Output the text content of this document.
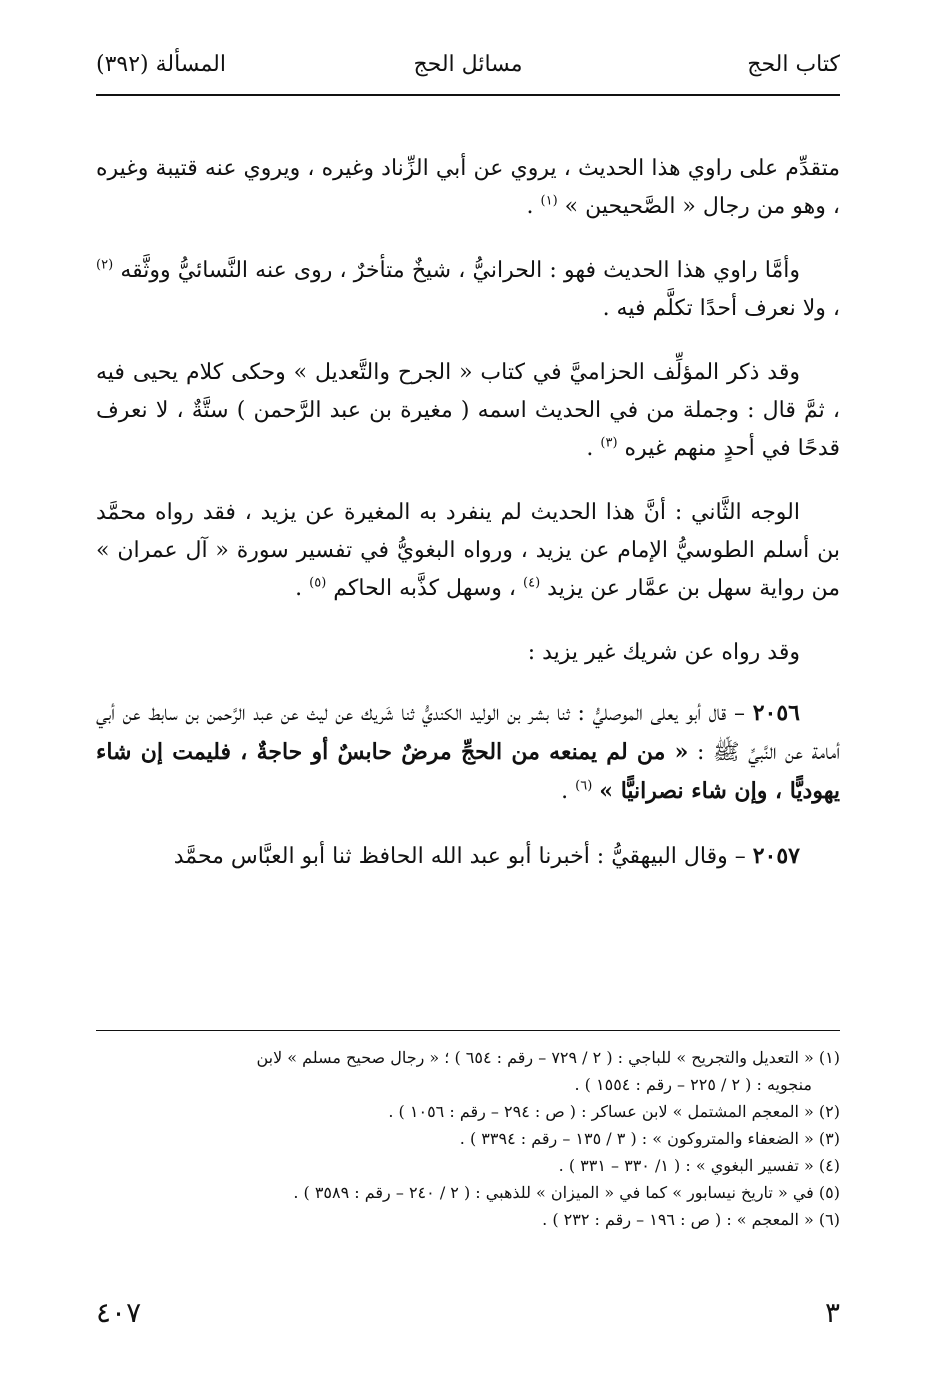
كتاب الحج
مسائل الحج
المسألة (٣٩٢)

متقدِّم على راوي هذا الحديث ، يروي عن أبي الزِّناد وغيره ، ويروي عنه قتيبة وغيره ، وهو من رجال « الصَّحيحين » $^{(١)}$ .

وأمَّا راوي هذا الحديث فهو : الحرانيُّ ، شيخٌ متأخرٌ ، روى عنه النَّسائيُّ ووثَّقه $^{(٢)}$ ، ولا نعرف أحدًا تكلَّم فيه .

وقد ذكر المؤلِّف الحزاميَّ في كتاب « الجرح والتَّعديل » وحكى كلام يحيى فيه ، ثمَّ قال : وجملة من في الحديث اسمه ( مغيرة بن عبد الرَّحمن ) ستَّةٌ ، لا نعرف قدحًا في أحدٍ منهم غيره $^{(٣)}$ .

الوجه الثَّاني : أنَّ هذا الحديث لم ينفرد به المغيرة عن يزيد ، فقد رواه محمَّد بن أسلم الطوسيُّ الإمام عن يزيد ، ورواه البغويُّ في تفسير سورة « آل عمران » من رواية سهل بن عمَّار عن يزيد $^{(٤)}$ ، وسهل كذَّبه الحاكم $^{(٥)}$ .

وقد رواه عن شريك غير يزيد :

٢٠٥٦ – قال أبو يعلى الموصليُّ : ثنا بشر بن الوليد الكنديُّ ثنا شَريك عن ليث عن عبد الرَّحمن بن سابط عن أبي أمامة عن النَّبيِّ ﷺ : « من لم يمنعه من الحجِّ مرضٌ حابسٌ أو حاجةٌ ، فليمت إن شاء يهوديًّا ، وإن شاء نصرانيًّا » $^{(٦)}$ .

٢٠٥٧ – وقال البيهقيُّ : أخبرنا أبو عبد الله الحافظ ثنا أبو العبَّاس محمَّد

(١) « التعديل والتجريح » للباجي : ( ٢ / ٧٢٩ – رقم : ٦٥٤ ) ؛ « رجال صحيح مسلم » لابن
منجويه : ( ٢ / ٢٢٥ – رقم : ١٥٥٤ ) .

(٢) « المعجم المشتمل » لابن عساكر : ( ص : ٢٩٤ – رقم : ١٠٥٦ ) .

(٣) « الضعفاء والمتروكون » : ( ٣ / ١٣٥ – رقم : ٣٣٩٤ ) .

(٤) « تفسير البغوي » : ( ١/ ٣٣٠ – ٣٣١ ) .

(٥) في « تاريخ نيسابور » كما في « الميزان » للذهبي : ( ٢ / ٢٤٠ – رقم : ٣٥٨٩ ) .

(٦) « المعجم » : ( ص : ١٩٦ – رقم : ٢٣٢ ) .

٣
٤٠٧
